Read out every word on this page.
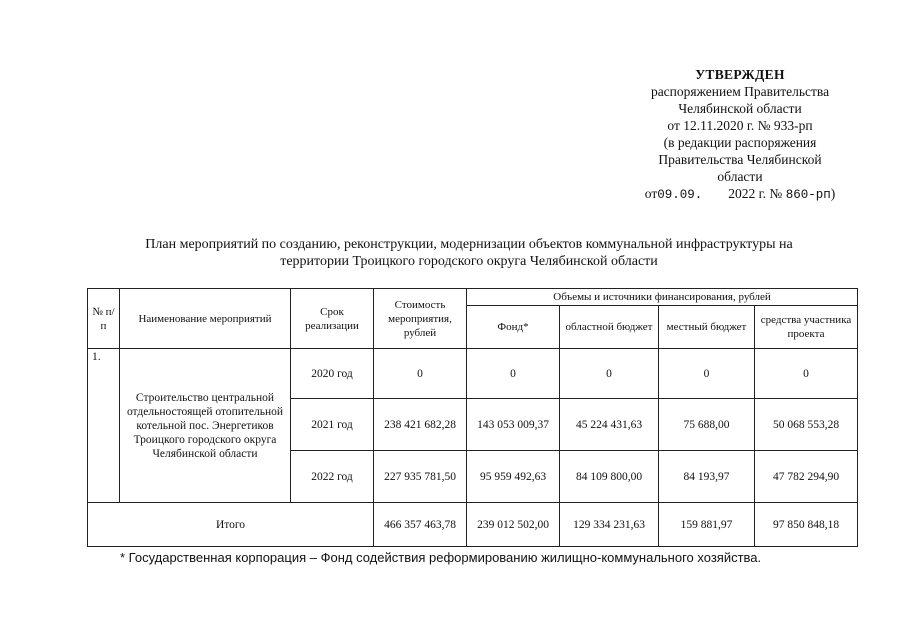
УТВЕРЖДЕН
распоряжением Правительства
Челябинской области
от 12.11.2020 г. № 933-рп
(в редакции распоряжения
Правительства Челябинской
области
от09.09. 2022 г. № 860-рп)
План мероприятий по созданию, реконструкции, модернизации объектов коммунальной инфраструктуры на
территории Троицкого городского округа Челябинской области
№ п/п	Наименование мероприятий	Срок реализации	Стоимость мероприятия, рублей	Объемы и источники финансирования, рублей			
				Фонд*	областной бюджет	местный бюджет	средства участника проекта
1.	Строительство центральной отдельностоящей отопительной котельной пос. Энергетиков Троицкого городского округа Челябинской области	2020 год	0	0	0	0	0
		2021 год	238 421 682,28	143 053 009,37	45 224 431,63	75 688,00	50 068 553,28
		2022 год	227 935 781,50	95 959 492,63	84 109 800,00	84 193,97	47 782 294,90
Итого			466 357 463,78	239 012 502,00	129 334 231,63	159 881,97	97 850 848,18
* Государственная корпорация – Фонд содействия реформированию жилищно-коммунального хозяйства.
